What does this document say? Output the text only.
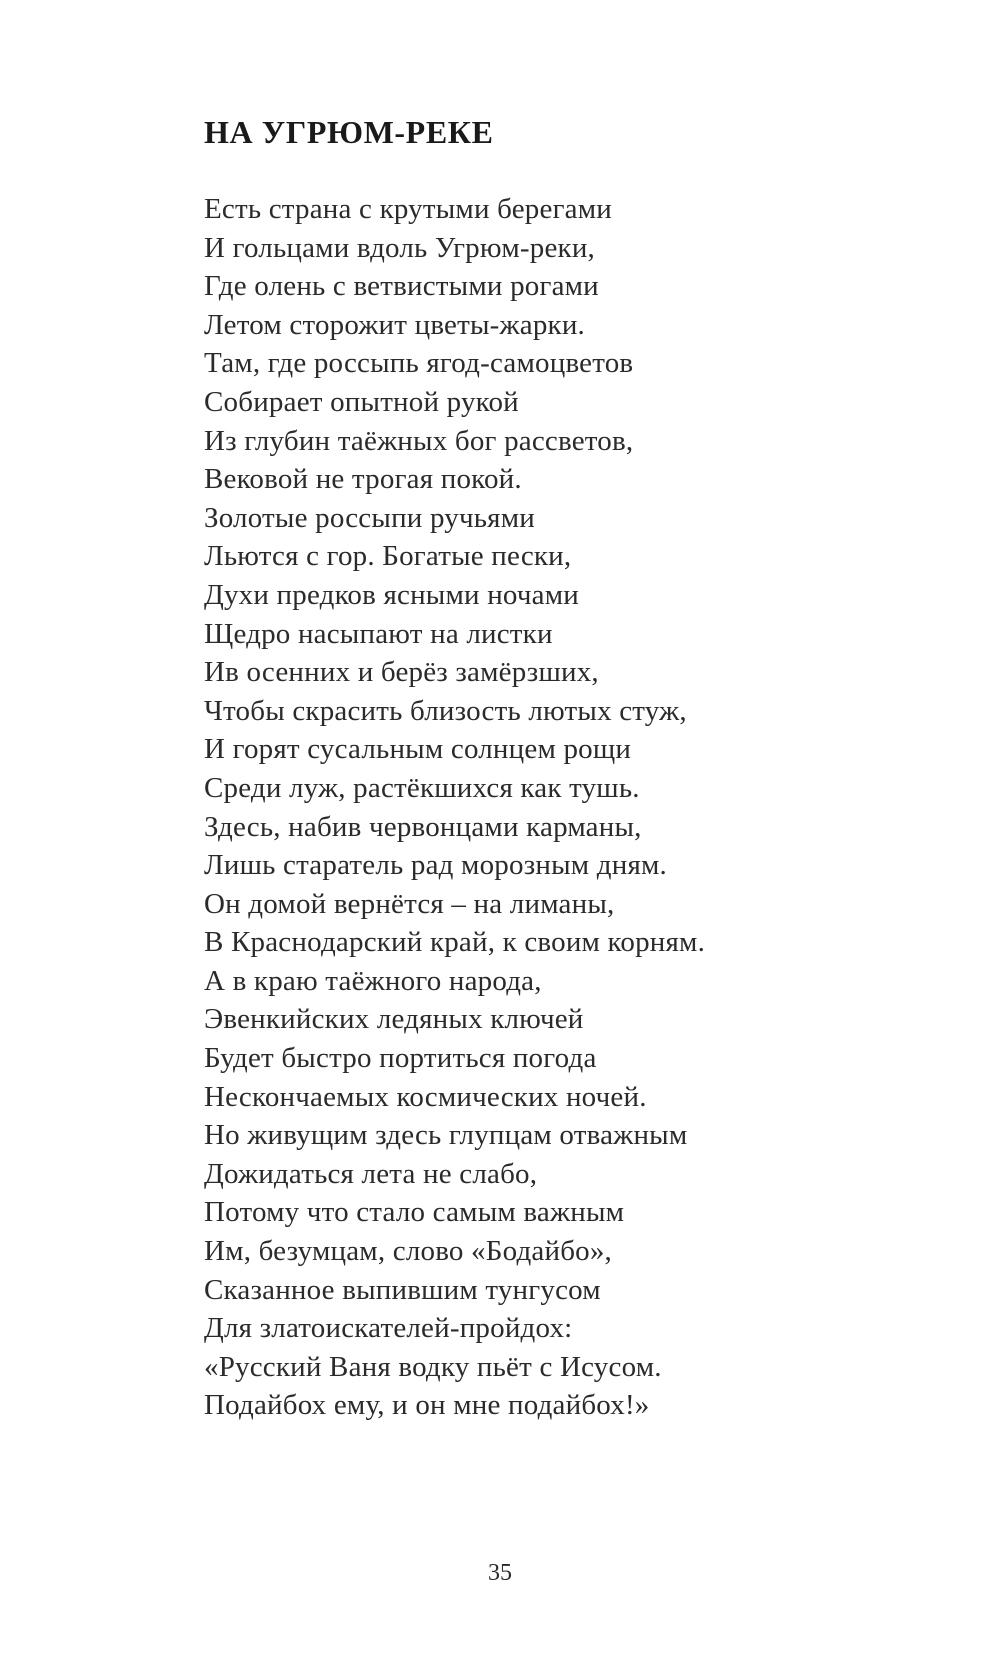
НА УГРЮМ-РЕКЕ
Есть страна с крутыми берегами
И гольцами вдоль Угрюм-реки,
Где олень с ветвистыми рогами
Летом сторожит цветы-жарки.
Там, где россыпь ягод-самоцветов
Собирает опытной рукой
Из глубин таёжных бог рассветов,
Вековой не трогая покой.
Золотые россыпи ручьями
Льются с гор. Богатые пески,
Духи предков ясными ночами
Щедро насыпают на листки
Ив осенних и берёз замёрзших,
Чтобы скрасить близость лютых стуж,
И горят сусальным солнцем рощи
Среди луж, растёкшихся как тушь.
Здесь, набив червонцами карманы,
Лишь старатель рад морозным дням.
Он домой вернётся – на лиманы,
В Краснодарский край, к своим корням.
А в краю таёжного народа,
Эвенкийских ледяных ключей
Будет быстро портиться погода
Нескончаемых космических ночей.
Но живущим здесь глупцам отважным
Дожидаться лета не слабо,
Потому что стало самым важным
Им, безумцам, слово «Бодайбо»,
Сказанное выпившим тунгусом
Для златоискателей-пройдох:
«Русский Ваня водку пьёт с Исусом.
Подайбох ему, и он мне подайбох!»
35
